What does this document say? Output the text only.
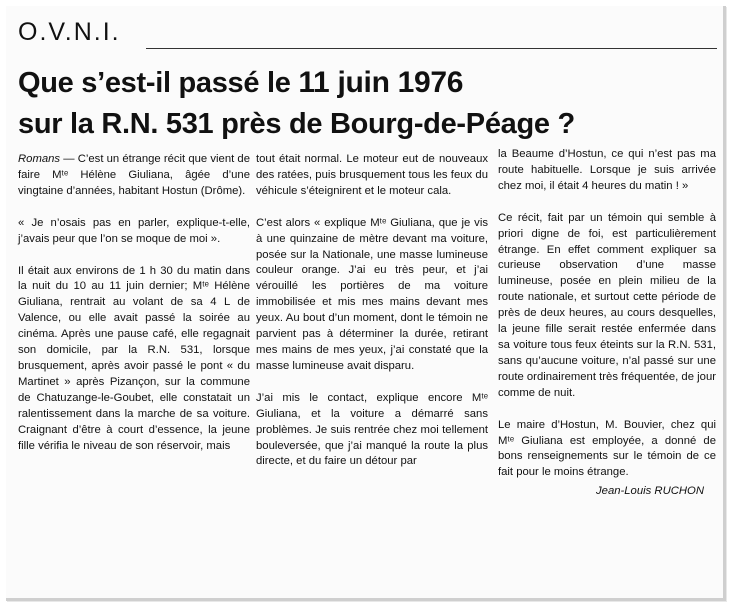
O.V.N.I.
Que s’est-il passé le 11 juin 1976
sur la R.N. 531 près de Bourg-de-Péage ?

Romans — C’est un étrange récit que vient de faire Mᵗᵉ Hélène Giuliana, âgée d’une vingtaine d’années, habitant Hostun (Drôme).

« Je n’osais pas en parler, explique-t-elle, j’avais peur que l’on se moque de moi ».

Il était aux environs de 1 h 30 du matin dans la nuit du 10 au 11 juin dernier; Mᵗᵉ Hélène Giuliana, rentrait au volant de sa 4 L de Valence, ou elle avait passé la soirée au cinéma. Après une pause café, elle regagnait son domicile, par la R.N. 531, lorsque brusquement, après avoir passé le pont « du Martinet » après Pizançon, sur la commune de Chatuzange-le-Goubet, elle constatait un ralentissement dans la marche de sa voiture. Craignant d’être à court d’essence, la jeune fille vérifia le niveau de son réservoir, mais

tout était normal. Le moteur eut de nouveaux des ratées, puis brusquement tous les feux du véhicule s’éteignirent et le moteur cala.

C’est alors « explique Mᵗᵉ Giuliana, que je vis à une quinzaine de mètre devant ma voiture, posée sur la Nationale, une masse lumineuse couleur orange. J’ai eu très peur, et j’ai vérouillé les portières de ma voiture immobilisée et mis mes mains devant mes yeux. Au bout d’un moment, dont le témoin ne parvient pas à déterminer la durée, retirant mes mains de mes yeux, j’ai constaté que la masse lumineuse avait disparu.

J’ai mis le contact, explique encore Mᵗᵉ Giuliana, et la voiture a démarré sans problèmes. Je suis rentrée chez moi tellement bouleversée, que j’ai manqué la route la plus directe, et du faire un détour par

la Beaume d’Hostun, ce qui n’est pas ma route habituelle. Lorsque je suis arrivée chez moi, il était 4 heures du matin ! »

Ce récit, fait par un témoin qui semble à priori digne de foi, est particulièrement étrange. En effet comment expliquer sa curieuse observation d’une masse lumineuse, posée en plein milieu de la route nationale, et surtout cette période de près de deux heures, au cours desquelles, la jeune fille serait restée enfermée dans sa voiture tous feux éteints sur la R.N. 531, sans qu’aucune voiture, n’al passé sur une route ordinairement très fréquentée, de jour comme de nuit.

Le maire d’Hostun, M. Bouvier, chez qui Mᵗᵉ Giuliana est employée, a donné de bons renseignements sur le témoin de ce fait pour le moins étrange.

Jean-Louis RUCHON
